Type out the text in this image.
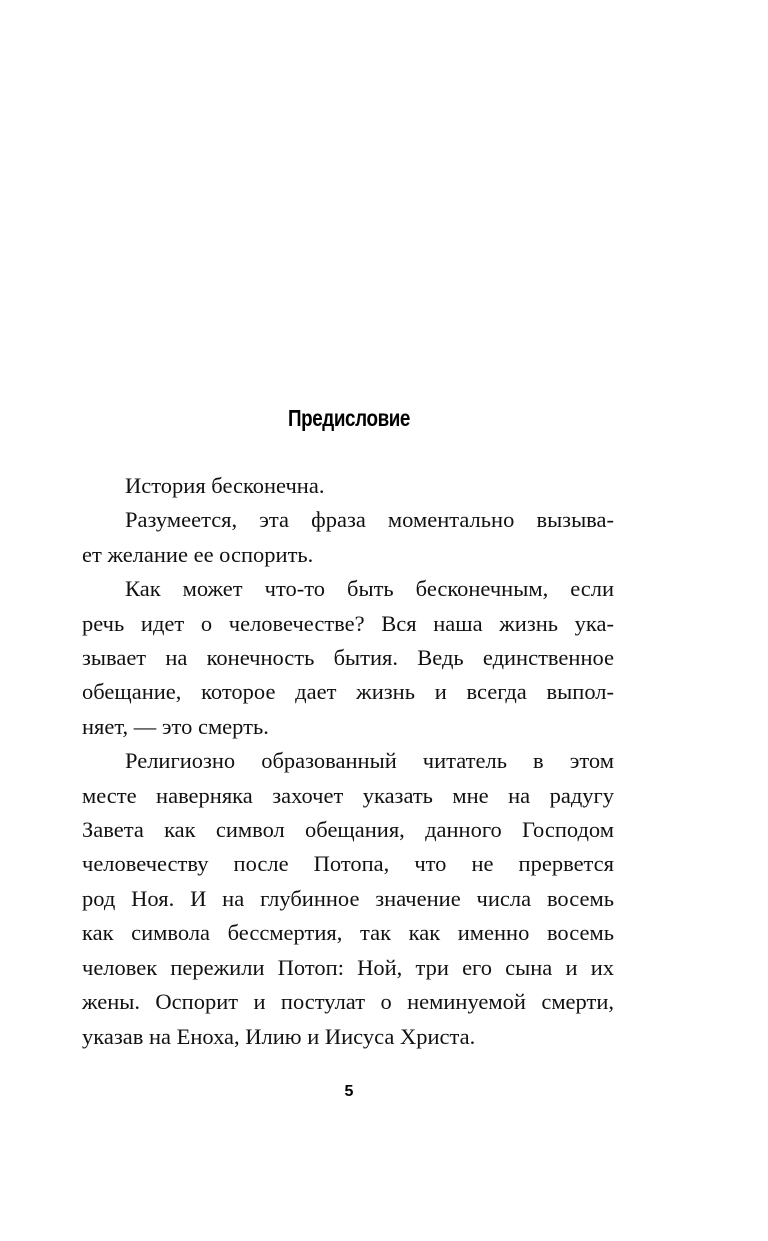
Предисловие

История бесконечна.

Разумеется, эта фраза моментально вызыва-
ет желание ее оспорить.

Как может что-то быть бесконечным, если
речь идет о человечестве? Вся наша жизнь ука-
зывает на конечность бытия. Ведь единственное
обещание, которое дает жизнь и всегда выпол-
няет, — это смерть.

Религиозно образованный читатель в этом
месте наверняка захочет указать мне на радугу
Завета как символ обещания, данного Господом
человечеству после Потопа, что не прервется
род Ноя. И на глубинное значение числа восемь
как символа бессмертия, так как именно восемь
человек пережили Потоп: Ной, три его сына и их
жены. Оспорит и постулат о неминуемой смерти,
указав на Еноха, Илию и Иисуса Христа.

5
